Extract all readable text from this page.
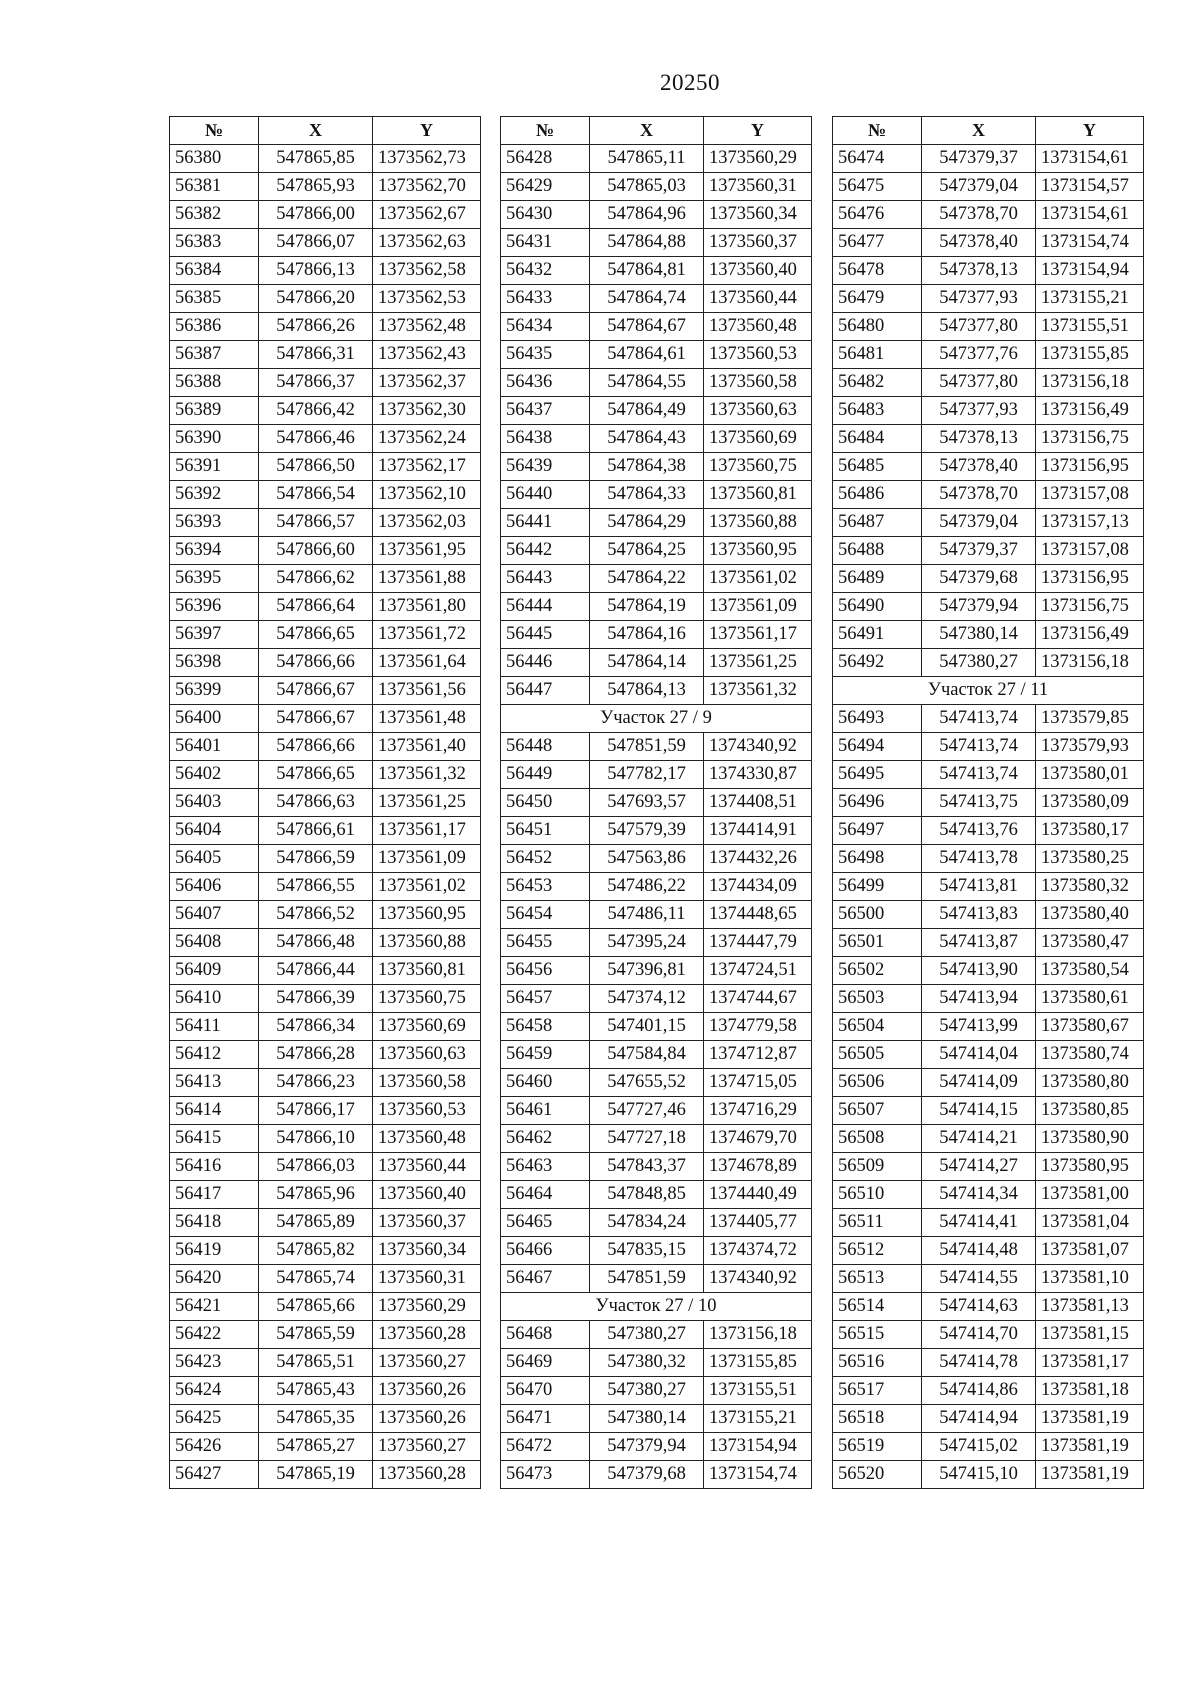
20250
№	X	Y
56380	547865,85	1373562,73
56381	547865,93	1373562,70
56382	547866,00	1373562,67
56383	547866,07	1373562,63
56384	547866,13	1373562,58
56385	547866,20	1373562,53
56386	547866,26	1373562,48
56387	547866,31	1373562,43
56388	547866,37	1373562,37
56389	547866,42	1373562,30
56390	547866,46	1373562,24
56391	547866,50	1373562,17
56392	547866,54	1373562,10
56393	547866,57	1373562,03
56394	547866,60	1373561,95
56395	547866,62	1373561,88
56396	547866,64	1373561,80
56397	547866,65	1373561,72
56398	547866,66	1373561,64
56399	547866,67	1373561,56
56400	547866,67	1373561,48
56401	547866,66	1373561,40
56402	547866,65	1373561,32
56403	547866,63	1373561,25
56404	547866,61	1373561,17
56405	547866,59	1373561,09
56406	547866,55	1373561,02
56407	547866,52	1373560,95
56408	547866,48	1373560,88
56409	547866,44	1373560,81
56410	547866,39	1373560,75
56411	547866,34	1373560,69
56412	547866,28	1373560,63
56413	547866,23	1373560,58
56414	547866,17	1373560,53
56415	547866,10	1373560,48
56416	547866,03	1373560,44
56417	547865,96	1373560,40
56418	547865,89	1373560,37
56419	547865,82	1373560,34
56420	547865,74	1373560,31
56421	547865,66	1373560,29
56422	547865,59	1373560,28
56423	547865,51	1373560,27
56424	547865,43	1373560,26
56425	547865,35	1373560,26
56426	547865,27	1373560,27
56427	547865,19	1373560,28
№	X	Y
56428	547865,11	1373560,29
56429	547865,03	1373560,31
56430	547864,96	1373560,34
56431	547864,88	1373560,37
56432	547864,81	1373560,40
56433	547864,74	1373560,44
56434	547864,67	1373560,48
56435	547864,61	1373560,53
56436	547864,55	1373560,58
56437	547864,49	1373560,63
56438	547864,43	1373560,69
56439	547864,38	1373560,75
56440	547864,33	1373560,81
56441	547864,29	1373560,88
56442	547864,25	1373560,95
56443	547864,22	1373561,02
56444	547864,19	1373561,09
56445	547864,16	1373561,17
56446	547864,14	1373561,25
56447	547864,13	1373561,32
Участок 27 / 9		
56448	547851,59	1374340,92
56449	547782,17	1374330,87
56450	547693,57	1374408,51
56451	547579,39	1374414,91
56452	547563,86	1374432,26
56453	547486,22	1374434,09
56454	547486,11	1374448,65
56455	547395,24	1374447,79
56456	547396,81	1374724,51
56457	547374,12	1374744,67
56458	547401,15	1374779,58
56459	547584,84	1374712,87
56460	547655,52	1374715,05
56461	547727,46	1374716,29
56462	547727,18	1374679,70
56463	547843,37	1374678,89
56464	547848,85	1374440,49
56465	547834,24	1374405,77
56466	547835,15	1374374,72
56467	547851,59	1374340,92
Участок 27 / 10		
56468	547380,27	1373156,18
56469	547380,32	1373155,85
56470	547380,27	1373155,51
56471	547380,14	1373155,21
56472	547379,94	1373154,94
56473	547379,68	1373154,74
№	X	Y
56474	547379,37	1373154,61
56475	547379,04	1373154,57
56476	547378,70	1373154,61
56477	547378,40	1373154,74
56478	547378,13	1373154,94
56479	547377,93	1373155,21
56480	547377,80	1373155,51
56481	547377,76	1373155,85
56482	547377,80	1373156,18
56483	547377,93	1373156,49
56484	547378,13	1373156,75
56485	547378,40	1373156,95
56486	547378,70	1373157,08
56487	547379,04	1373157,13
56488	547379,37	1373157,08
56489	547379,68	1373156,95
56490	547379,94	1373156,75
56491	547380,14	1373156,49
56492	547380,27	1373156,18
Участок 27 / 11		
56493	547413,74	1373579,85
56494	547413,74	1373579,93
56495	547413,74	1373580,01
56496	547413,75	1373580,09
56497	547413,76	1373580,17
56498	547413,78	1373580,25
56499	547413,81	1373580,32
56500	547413,83	1373580,40
56501	547413,87	1373580,47
56502	547413,90	1373580,54
56503	547413,94	1373580,61
56504	547413,99	1373580,67
56505	547414,04	1373580,74
56506	547414,09	1373580,80
56507	547414,15	1373580,85
56508	547414,21	1373580,90
56509	547414,27	1373580,95
56510	547414,34	1373581,00
56511	547414,41	1373581,04
56512	547414,48	1373581,07
56513	547414,55	1373581,10
56514	547414,63	1373581,13
56515	547414,70	1373581,15
56516	547414,78	1373581,17
56517	547414,86	1373581,18
56518	547414,94	1373581,19
56519	547415,02	1373581,19
56520	547415,10	1373581,19
